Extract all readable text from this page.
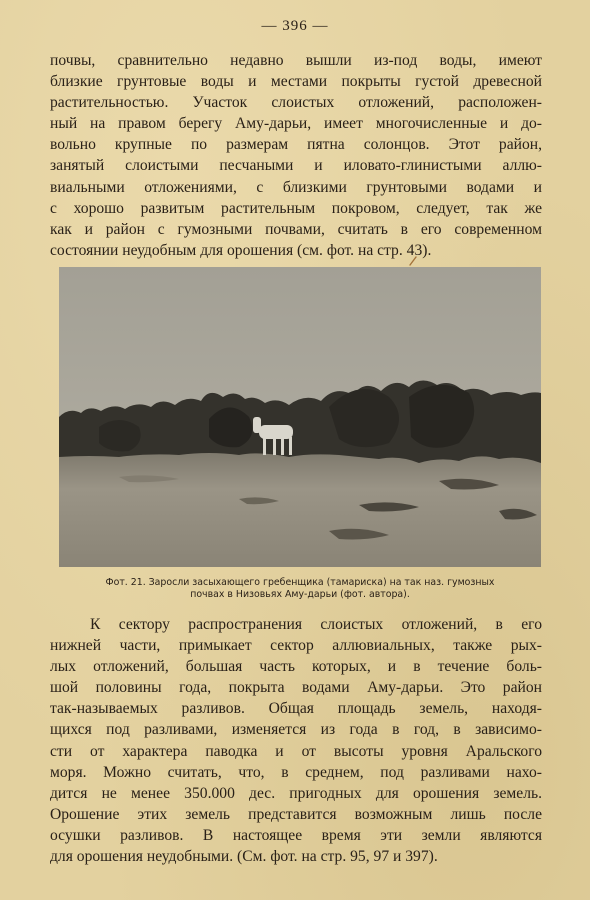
— 396 —
почвы, сравнительно недавно вышли из-под воды, имеют
близкие грунтовые воды и местами покрыты густой древесной
растительностью. Участок слоистых отложений, расположен-
ный на правом берегу Аму-дарьи, имеет многочисленные и до-
вольно крупные по размерам пятна солонцов. Этот район,
занятый слоистыми песчаными и иловато-глинистыми аллю-
виальными отложениями, с близкими грунтовыми водами и
с хорошо развитым растительным покровом, следует, так же
как и район с гумозными почвами, считать в его современном
состоянии неудобным для орошения (см. фот. на стр. 43).
Фот. 21. Заросли засыхающего гребенщика (тамариска) на так наз. гумозных
почвах в Низовьях Аму-дарьи (фот. автора).
К сектору распространения слоистых отложений, в его
нижней части, примыкает сектор аллювиальных, также рых-
лых отложений, большая часть которых, и в течение боль-
шой половины года, покрыта водами Аму-дарьи. Это район
так-называемых разливов. Общая площадь земель, находя-
щихся под разливами, изменяется из года в год, в зависимо-
сти от характера паводка и от высоты уровня Аральского
моря. Можно считать, что, в среднем, под разливами нахо-
дится не менее 350.000 дес. пригодных для орошения земель.
Орошение этих земель представится возможным лишь после
осушки разливов. В настоящее время эти земли являются
для орошения неудобными. (См. фот. на стр. 95, 97 и 397).
